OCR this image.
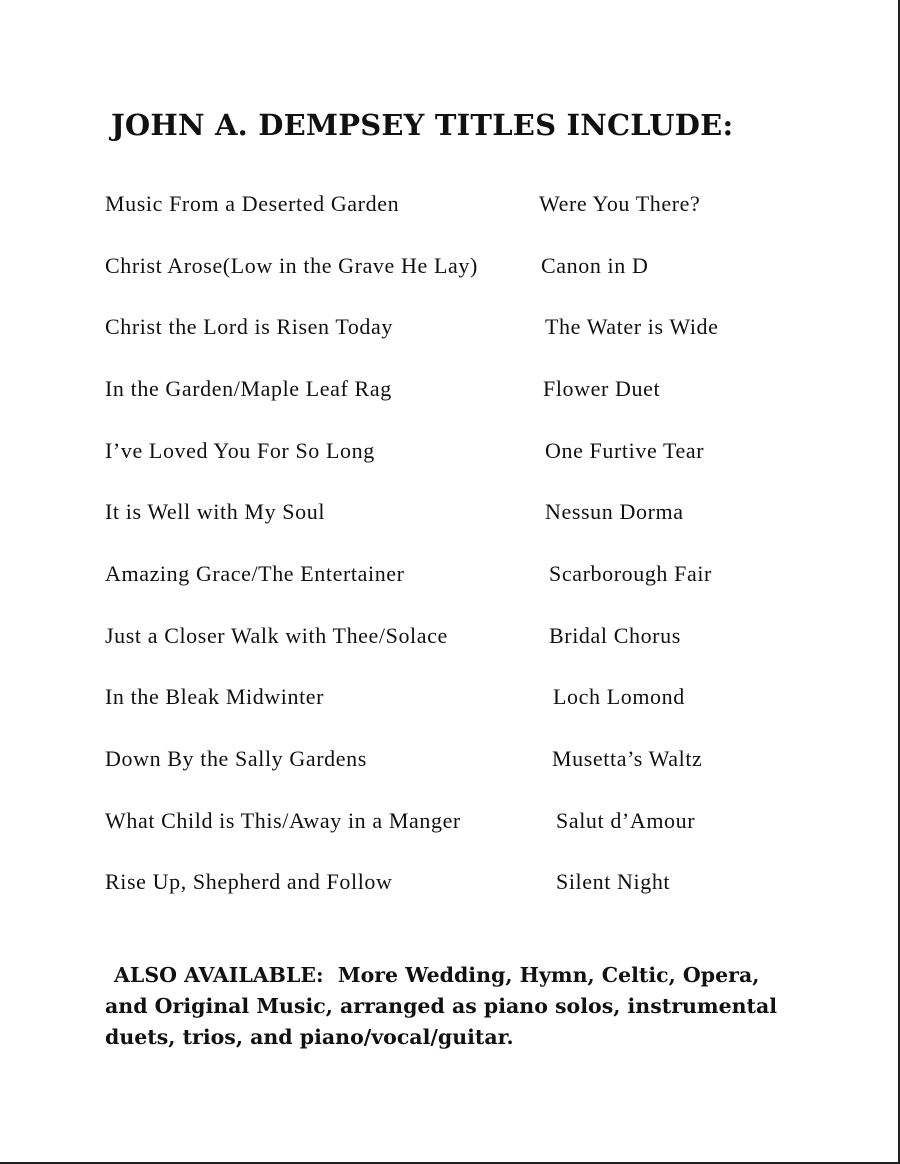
JOHN A. DEMPSEY TITLES INCLUDE:
Music From a Deserted Garden
Christ Arose(Low in the Grave He Lay)
Christ the Lord is Risen Today
In the Garden/Maple Leaf Rag
I’ve Loved You For So Long
It is Well with My Soul
Amazing Grace/The Entertainer
Just a Closer Walk with Thee/Solace
In the Bleak Midwinter
Down By the Sally Gardens
What Child is This/Away in a Manger
Rise Up, Shepherd and Follow
Were You There?
Canon in D
The Water is Wide
Flower Duet
One Furtive Tear
Nessun Dorma
Scarborough Fair
Bridal Chorus
Loch Lomond
Musetta’s Waltz
Salut d’Amour
Silent Night

ALSO AVAILABLE: More Wedding, Hymn, Celtic, Opera, and Original Music, arranged as piano solos, instrumental duets, trios, and piano/vocal/guitar.
